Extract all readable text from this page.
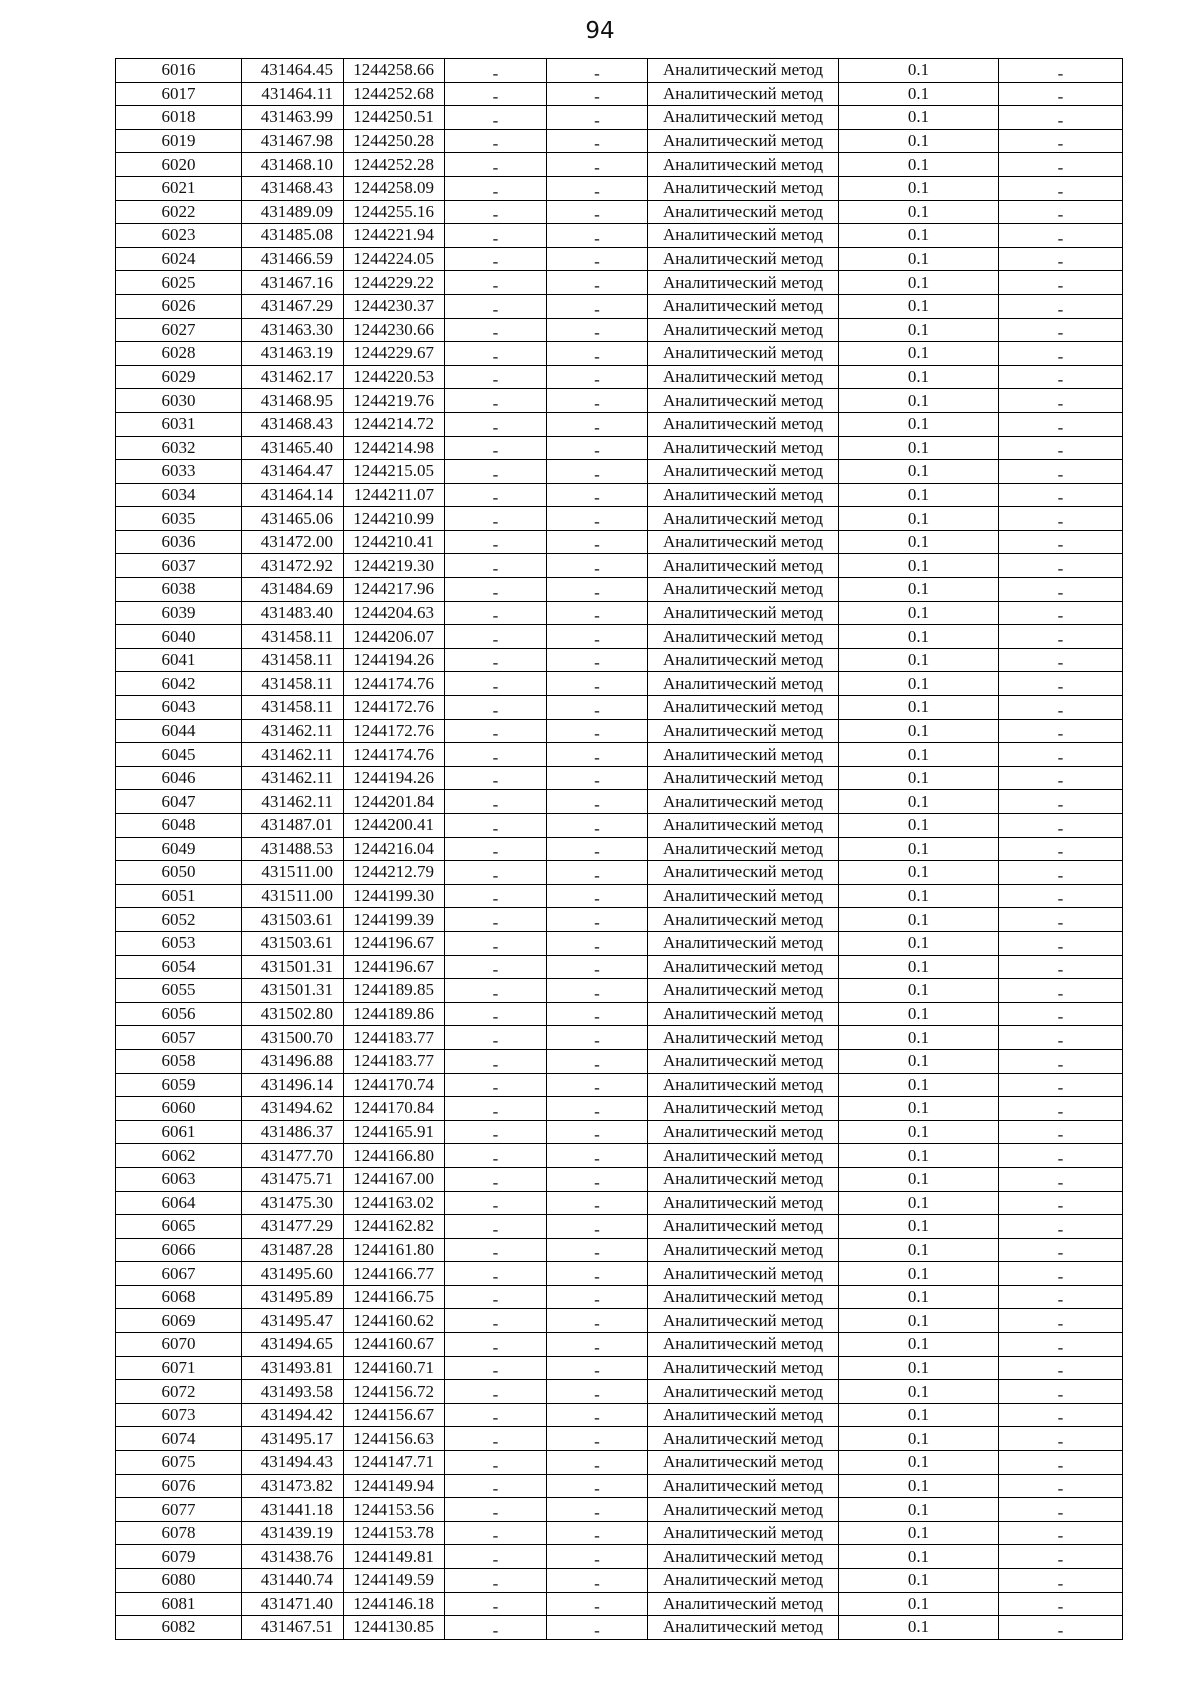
94
6016	431464.45	1244258.66	-	-	Аналитический метод	0.1	-
6017	431464.11	1244252.68	-	-	Аналитический метод	0.1	-
6018	431463.99	1244250.51	-	-	Аналитический метод	0.1	-
6019	431467.98	1244250.28	-	-	Аналитический метод	0.1	-
6020	431468.10	1244252.28	-	-	Аналитический метод	0.1	-
6021	431468.43	1244258.09	-	-	Аналитический метод	0.1	-
6022	431489.09	1244255.16	-	-	Аналитический метод	0.1	-
6023	431485.08	1244221.94	-	-	Аналитический метод	0.1	-
6024	431466.59	1244224.05	-	-	Аналитический метод	0.1	-
6025	431467.16	1244229.22	-	-	Аналитический метод	0.1	-
6026	431467.29	1244230.37	-	-	Аналитический метод	0.1	-
6027	431463.30	1244230.66	-	-	Аналитический метод	0.1	-
6028	431463.19	1244229.67	-	-	Аналитический метод	0.1	-
6029	431462.17	1244220.53	-	-	Аналитический метод	0.1	-
6030	431468.95	1244219.76	-	-	Аналитический метод	0.1	-
6031	431468.43	1244214.72	-	-	Аналитический метод	0.1	-
6032	431465.40	1244214.98	-	-	Аналитический метод	0.1	-
6033	431464.47	1244215.05	-	-	Аналитический метод	0.1	-
6034	431464.14	1244211.07	-	-	Аналитический метод	0.1	-
6035	431465.06	1244210.99	-	-	Аналитический метод	0.1	-
6036	431472.00	1244210.41	-	-	Аналитический метод	0.1	-
6037	431472.92	1244219.30	-	-	Аналитический метод	0.1	-
6038	431484.69	1244217.96	-	-	Аналитический метод	0.1	-
6039	431483.40	1244204.63	-	-	Аналитический метод	0.1	-
6040	431458.11	1244206.07	-	-	Аналитический метод	0.1	-
6041	431458.11	1244194.26	-	-	Аналитический метод	0.1	-
6042	431458.11	1244174.76	-	-	Аналитический метод	0.1	-
6043	431458.11	1244172.76	-	-	Аналитический метод	0.1	-
6044	431462.11	1244172.76	-	-	Аналитический метод	0.1	-
6045	431462.11	1244174.76	-	-	Аналитический метод	0.1	-
6046	431462.11	1244194.26	-	-	Аналитический метод	0.1	-
6047	431462.11	1244201.84	-	-	Аналитический метод	0.1	-
6048	431487.01	1244200.41	-	-	Аналитический метод	0.1	-
6049	431488.53	1244216.04	-	-	Аналитический метод	0.1	-
6050	431511.00	1244212.79	-	-	Аналитический метод	0.1	-
6051	431511.00	1244199.30	-	-	Аналитический метод	0.1	-
6052	431503.61	1244199.39	-	-	Аналитический метод	0.1	-
6053	431503.61	1244196.67	-	-	Аналитический метод	0.1	-
6054	431501.31	1244196.67	-	-	Аналитический метод	0.1	-
6055	431501.31	1244189.85	-	-	Аналитический метод	0.1	-
6056	431502.80	1244189.86	-	-	Аналитический метод	0.1	-
6057	431500.70	1244183.77	-	-	Аналитический метод	0.1	-
6058	431496.88	1244183.77	-	-	Аналитический метод	0.1	-
6059	431496.14	1244170.74	-	-	Аналитический метод	0.1	-
6060	431494.62	1244170.84	-	-	Аналитический метод	0.1	-
6061	431486.37	1244165.91	-	-	Аналитический метод	0.1	-
6062	431477.70	1244166.80	-	-	Аналитический метод	0.1	-
6063	431475.71	1244167.00	-	-	Аналитический метод	0.1	-
6064	431475.30	1244163.02	-	-	Аналитический метод	0.1	-
6065	431477.29	1244162.82	-	-	Аналитический метод	0.1	-
6066	431487.28	1244161.80	-	-	Аналитический метод	0.1	-
6067	431495.60	1244166.77	-	-	Аналитический метод	0.1	-
6068	431495.89	1244166.75	-	-	Аналитический метод	0.1	-
6069	431495.47	1244160.62	-	-	Аналитический метод	0.1	-
6070	431494.65	1244160.67	-	-	Аналитический метод	0.1	-
6071	431493.81	1244160.71	-	-	Аналитический метод	0.1	-
6072	431493.58	1244156.72	-	-	Аналитический метод	0.1	-
6073	431494.42	1244156.67	-	-	Аналитический метод	0.1	-
6074	431495.17	1244156.63	-	-	Аналитический метод	0.1	-
6075	431494.43	1244147.71	-	-	Аналитический метод	0.1	-
6076	431473.82	1244149.94	-	-	Аналитический метод	0.1	-
6077	431441.18	1244153.56	-	-	Аналитический метод	0.1	-
6078	431439.19	1244153.78	-	-	Аналитический метод	0.1	-
6079	431438.76	1244149.81	-	-	Аналитический метод	0.1	-
6080	431440.74	1244149.59	-	-	Аналитический метод	0.1	-
6081	431471.40	1244146.18	-	-	Аналитический метод	0.1	-
6082	431467.51	1244130.85	-	-	Аналитический метод	0.1	-
